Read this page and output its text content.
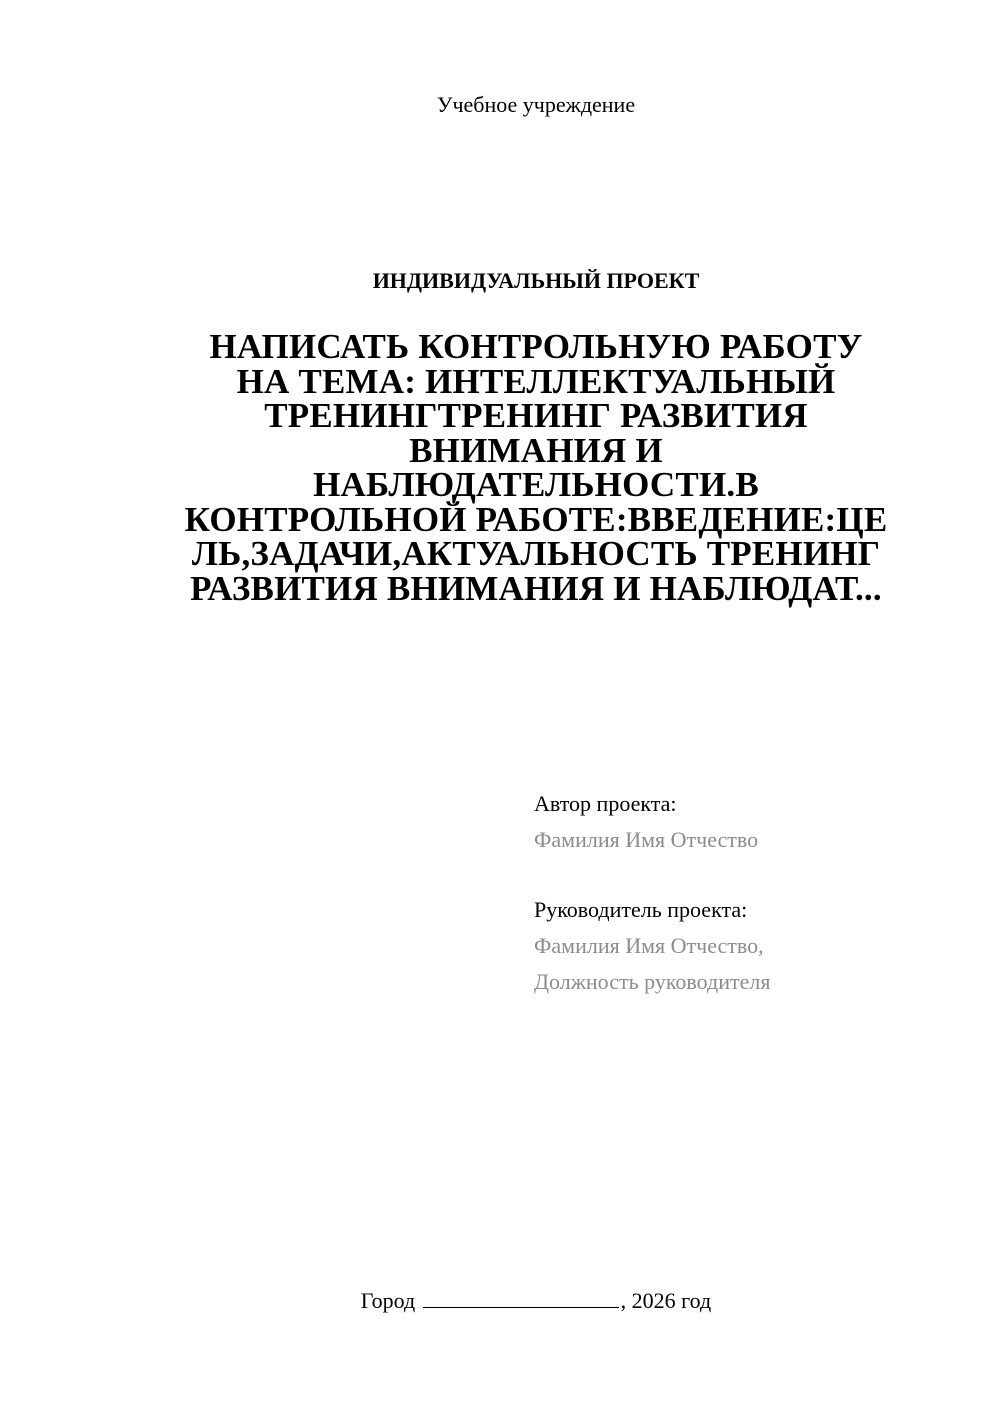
Учебное учреждение
ИНДИВИДУАЛЬНЫЙ ПРОЕКТ
НАПИСАТЬ КОНТРОЛЬНУЮ РАБОТУ
НА ТЕМА: ИНТЕЛЛЕКТУАЛЬНЫЙ
ТРЕНИНГТРЕНИНГ РАЗВИТИЯ
ВНИМАНИЯ И
НАБЛЮДАТЕЛЬНОСТИ.В
КОНТРОЛЬНОЙ РАБОТЕ:ВВЕДЕНИЕ:ЦЕ
ЛЬ,ЗАДАЧИ,АКТУАЛЬНОСТЬ ТРЕНИНГ
РАЗВИТИЯ ВНИМАНИЯ И НАБЛЮДАТ...
Автор проекта:
Фамилия Имя Отчество
Руководитель проекта:
Фамилия Имя Отчество,
Должность руководителя
Город	, 2026 год
